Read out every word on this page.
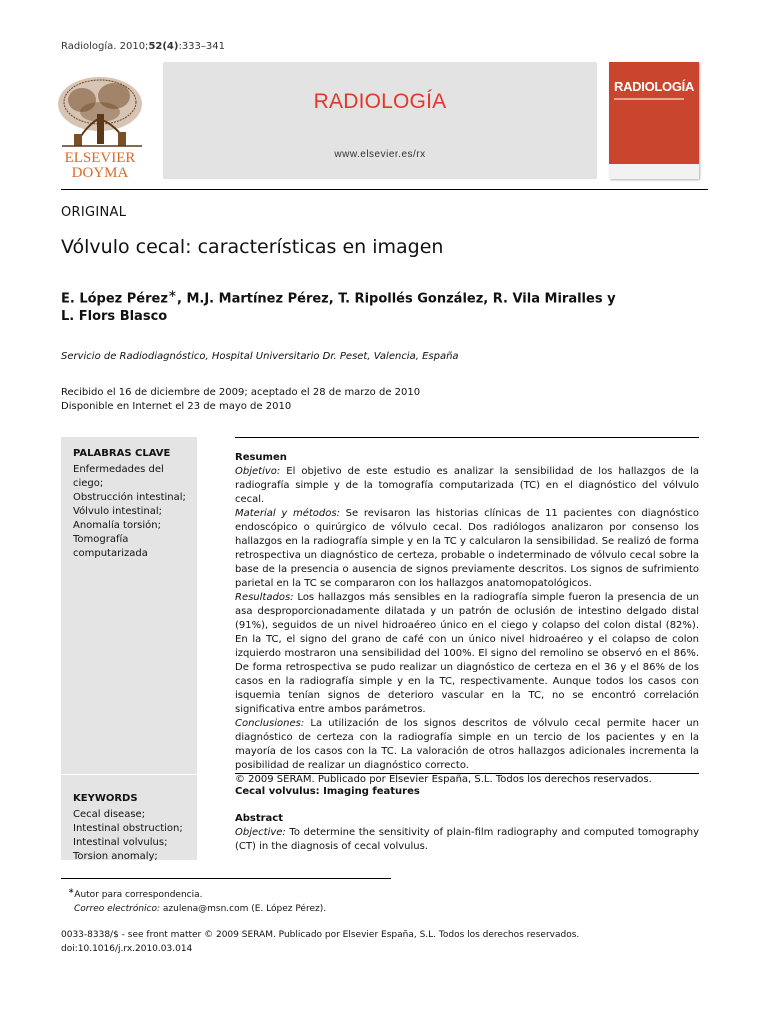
Radiología. 2010;52(4):333–341
ELSEVIER
DOYMA
RADIOLOGÍA
www.elsevier.es/rx
RADIOLOGÍA
ORIGINAL
Vólvulo cecal: características en imagen
E. López Pérez∗, M.J. Martínez Pérez, T. Ripollés González, R. Vila Miralles y
L. Flors Blasco
Servicio de Radiodiagnóstico, Hospital Universitario Dr. Peset, Valencia, España
Recibido el 16 de diciembre de 2009; aceptado el 28 de marzo de 2010
Disponible en Internet el 23 de mayo de 2010
PALABRAS CLAVE
Enfermedades del ciego;
Obstrucción intestinal;
Vólvulo intestinal;
Anomalía torsión;
Tomografía computarizada
KEYWORDS
Cecal disease;
Intestinal obstruction;
Intestinal volvulus;
Torsion anomaly;
Resumen
Objetivo: El objetivo de este estudio es analizar la sensibilidad de los hallazgos de la radiografía simple y de la tomografía computarizada (TC) en el diagnóstico del vólvulo cecal.
Material y métodos: Se revisaron las historias clínicas de 11 pacientes con diagnóstico endoscópico o quirúrgico de vólvulo cecal. Dos radiólogos analizaron por consenso los hallazgos en la radiografía simple y en la TC y calcularon la sensibilidad. Se realizó de forma retrospectiva un diagnóstico de certeza, probable o indeterminado de vólvulo cecal sobre la base de la presencia o ausencia de signos previamente descritos. Los signos de sufrimiento parietal en la TC se compararon con los hallazgos anatomopatológicos.
Resultados: Los hallazgos más sensibles en la radiografía simple fueron la presencia de un asa desproporcionadamente dilatada y un patrón de oclusión de intestino delgado distal (91%), seguidos de un nivel hidroaéreo único en el ciego y colapso del colon distal (82%). En la TC, el signo del grano de café con un único nivel hidroaéreo y el colapso de colon izquierdo mostraron una sensibilidad del 100%. El signo del remolino se observó en el 86%. De forma retrospectiva se pudo realizar un diagnóstico de certeza en el 36 y el 86% de los casos en la radiografía simple y en la TC, respectivamente. Aunque todos los casos con isquemia tenían signos de deterioro vascular en la TC, no se encontró correlación significativa entre ambos parámetros.
Conclusiones: La utilización de los signos descritos de vólvulo cecal permite hacer un diagnóstico de certeza con la radiografía simple en un tercio de los pacientes y en la mayoría de los casos con la TC. La valoración de otros hallazgos adicionales incrementa la posibilidad de realizar un diagnóstico correcto.
© 2009 SERAM. Publicado por Elsevier España, S.L. Todos los derechos reservados.
Cecal volvulus: Imaging features
Abstract
Objective: To determine the sensitivity of plain-film radiography and computed tomography (CT) in the diagnosis of cecal volvulus.
∗Autor para correspondencia.
Correo electrónico: azulena@msn.com (E. López Pérez).
0033-8338/$ - see front matter © 2009 SERAM. Publicado por Elsevier España, S.L. Todos los derechos reservados.
doi:10.1016/j.rx.2010.03.014
